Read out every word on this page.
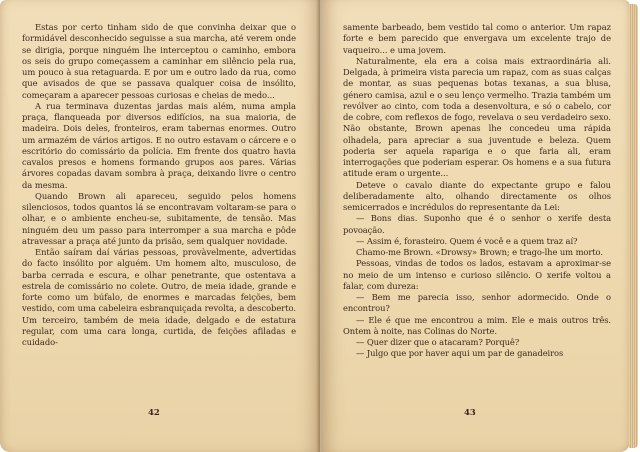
Estas por certo tinham sido de que convinha deixar que o formidável desconhecido seguisse a sua marcha, até verem onde se dirigia, porque ninguém lhe interceptou o caminho, embora os seis do grupo começassem a caminhar em silêncio pela rua, um pouco à sua retaguarda. E por um e outro lado da rua, como que avisados de que se passava qualquer coisa de insólito, começaram a aparecer pessoas curiosas e cheias de medo...

A rua terminava duzentas jardas mais além, numa ampla praça, flanqueada por diversos edifícios, na sua maioria, de madeira. Dois deles, fronteiros, eram tabernas enormes. Outro um armazém de vários artigos. E no outro estavam o cárcere e o escritório do comissário da polícia. Em frente dos quatro havia cavalos presos e homens formando grupos aos pares. Várias árvores copadas davam sombra à praça, deixando livre o centro da mesma.

Quando Brown ali apareceu, seguido pelos homens silenciosos, todos quantos lá se encontravam voltaram-se para o olhar, e o ambiente encheu-se, subitamente, de tensão. Mas ninguém deu um passo para interromper a sua marcha e pôde atravessar a praça até junto da prisão, sem qualquer novidade.

Então saíram daí várias pessoas, provàvelmente, advertidas do facto insólito por alguém. Um homem alto, musculoso, de barba cerrada e escura, e olhar penetrante, que ostentava a estrela de comissário no colete. Outro, de meia idade, grande e forte como um búfalo, de enormes e marcadas feições, bem vestido, com uma cabeleira esbranquiçada revolta, a descoberto. Um terceiro, também de meia idade, delgado e de estatura regular, com uma cara longa, curtida, de feições afiladas e cuidado-

42

samente barbeado, bem vestido tal como o anterior. Um rapaz forte e bem parecido que envergava um excelente trajo de vaqueiro... e uma jovem.

Naturalmente, ela era a coisa mais extraordinária ali. Delgada, à primeira vista parecia um rapaz, com as suas calças de montar, as suas pequenas botas texanas, a sua blusa, género camisa, azul e o seu lenço vermelho. Trazia também um revólver ao cinto, com toda a desenvoltura, e só o cabelo, cor de cobre, com reflexos de fogo, revelava o seu verdadeiro sexo. Não obstante, Brown apenas lhe concedeu uma rápida olhadela, para apreciar a sua juventude e beleza. Quem poderia ser aquela rapariga e o que faria ali, eram interrogações que poderiam esperar. Os homens e a sua futura atitude eram o urgente...

Deteve o cavalo diante do expectante grupo e falou deliberadamente alto, olhando directamente os olhos semicerrados e incrédulos do representante da Lei:

— Bons dias. Suponho que é o senhor o xerife desta povoação.

— Assim é, forasteiro. Quem é você e a quem traz aí?

Chamo-me Brown. «Drowsy» Brown; e trago-lhe um morto.

Pessoas, vindas de todos os lados, estavam a aproximar-se no meio de um intenso e curioso silêncio. O xerife voltou a falar, com dureza:

— Bem me parecia isso, senhor adormecido. Onde o encontrou?

— Ele é que me encontrou a mim. Ele e mais outros três. Ontem à noite, nas Colinas do Norte.

— Quer dizer que o atacaram? Porquê?

— Julgo que por haver aqui um par de ganadeiros

43
